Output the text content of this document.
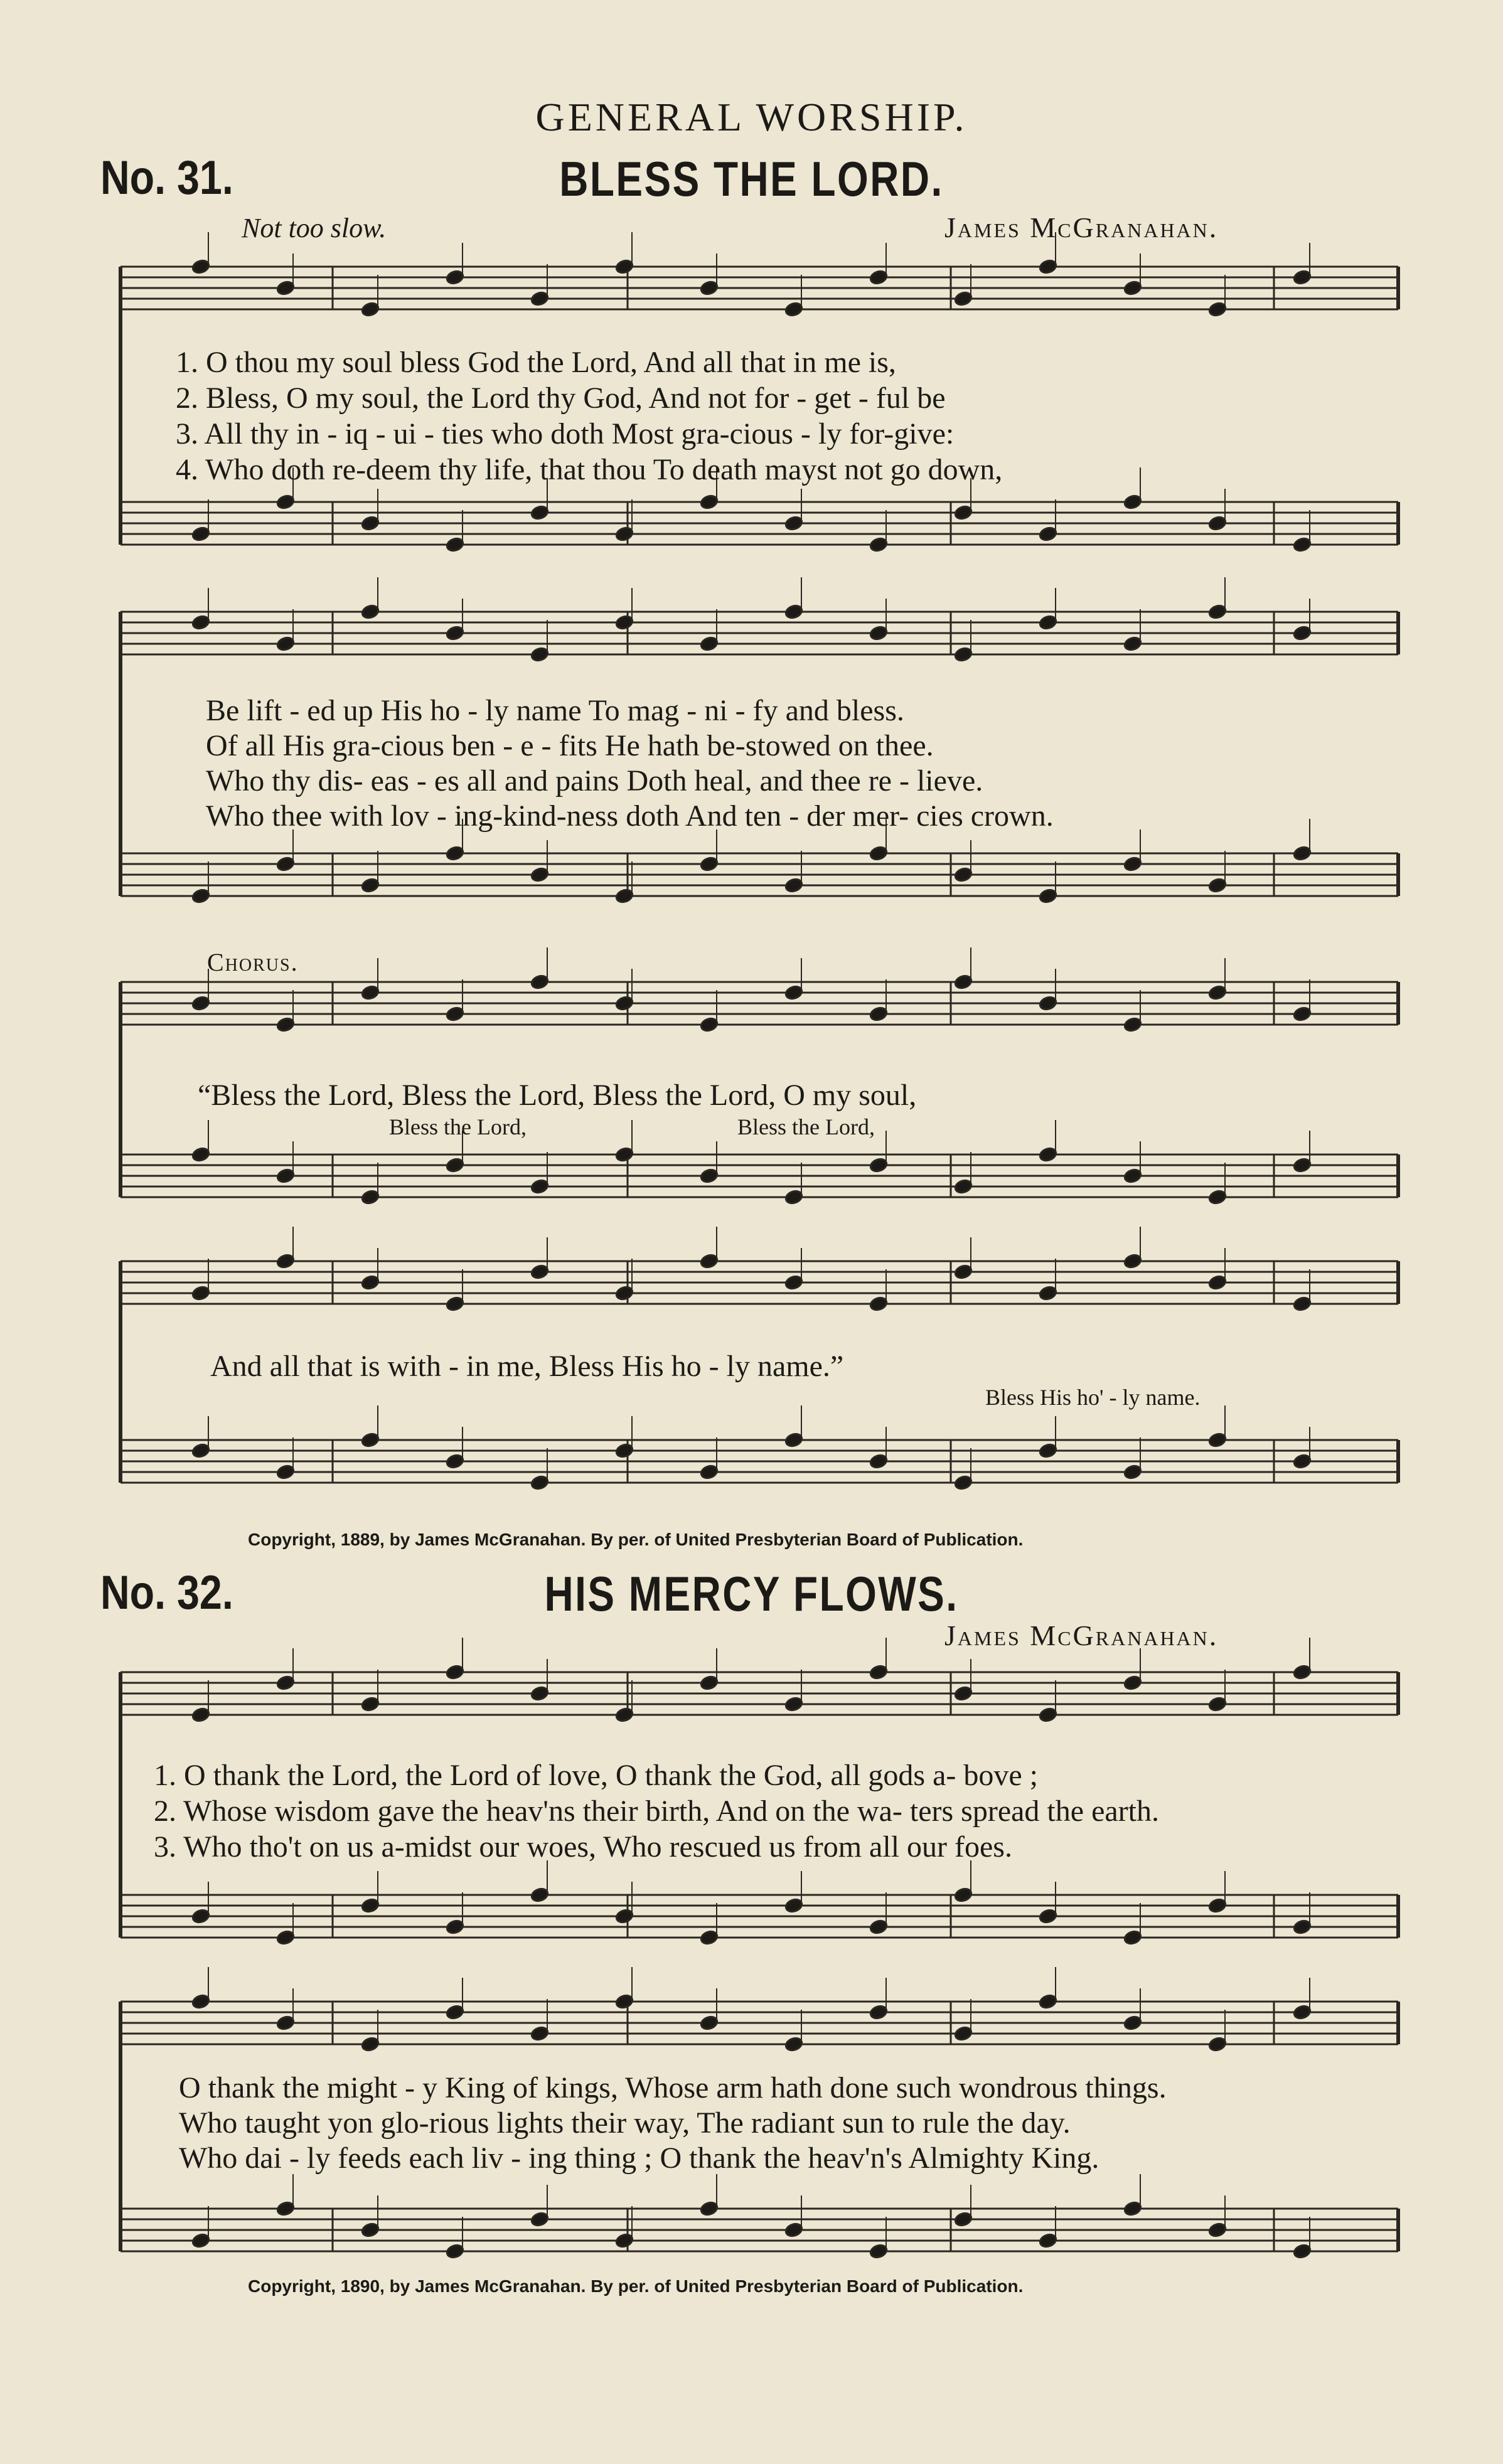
GENERAL WORSHIP.
No. 31.	BLESS THE LORD.
Not too slow.	James McGranahan.
1. O thou my soul bless God the Lord, And all that in me is,
2. Bless, O my soul, the Lord thy God, And not for - get - ful be
3. All thy in - iq - ui - ties who doth Most gra-cious - ly for-give:
4. Who doth re-deem thy life, that thou To death mayst not go down,
Be lift - ed up His ho - ly name To mag - ni - fy and bless.
Of all His gra-cious ben - e - fits He hath be-stowed on thee.
Who thy dis- eas - es all and pains Doth heal, and thee re - lieve.
Who thee with lov - ing-kind-ness doth And ten - der mer- cies crown.
Chorus.
“Bless the Lord, Bless the Lord, Bless the Lord, O my soul,
Bless the Lord,	Bless the Lord,
And all that is with - in me, Bless His ho - ly name.”
Bless His ho' - ly name.
Copyright, 1889, by James McGranahan. By per. of United Presbyterian Board of Publication.
No. 32.	HIS MERCY FLOWS.
James McGranahan.
1. O thank the Lord, the Lord of love, O thank the God, all gods a- bove ;
2. Whose wisdom gave the heav'ns their birth, And on the wa- ters spread the earth.
3. Who tho't on us a-midst our woes, Who rescued us from all our foes.
O thank the might - y King of kings, Whose arm hath done such wondrous things.
Who taught yon glo-rious lights their way, The radiant sun to rule the day.
Who dai - ly feeds each liv - ing thing ; O thank the heav'n's Almighty King.
Copyright, 1890, by James McGranahan. By per. of United Presbyterian Board of Publication.
